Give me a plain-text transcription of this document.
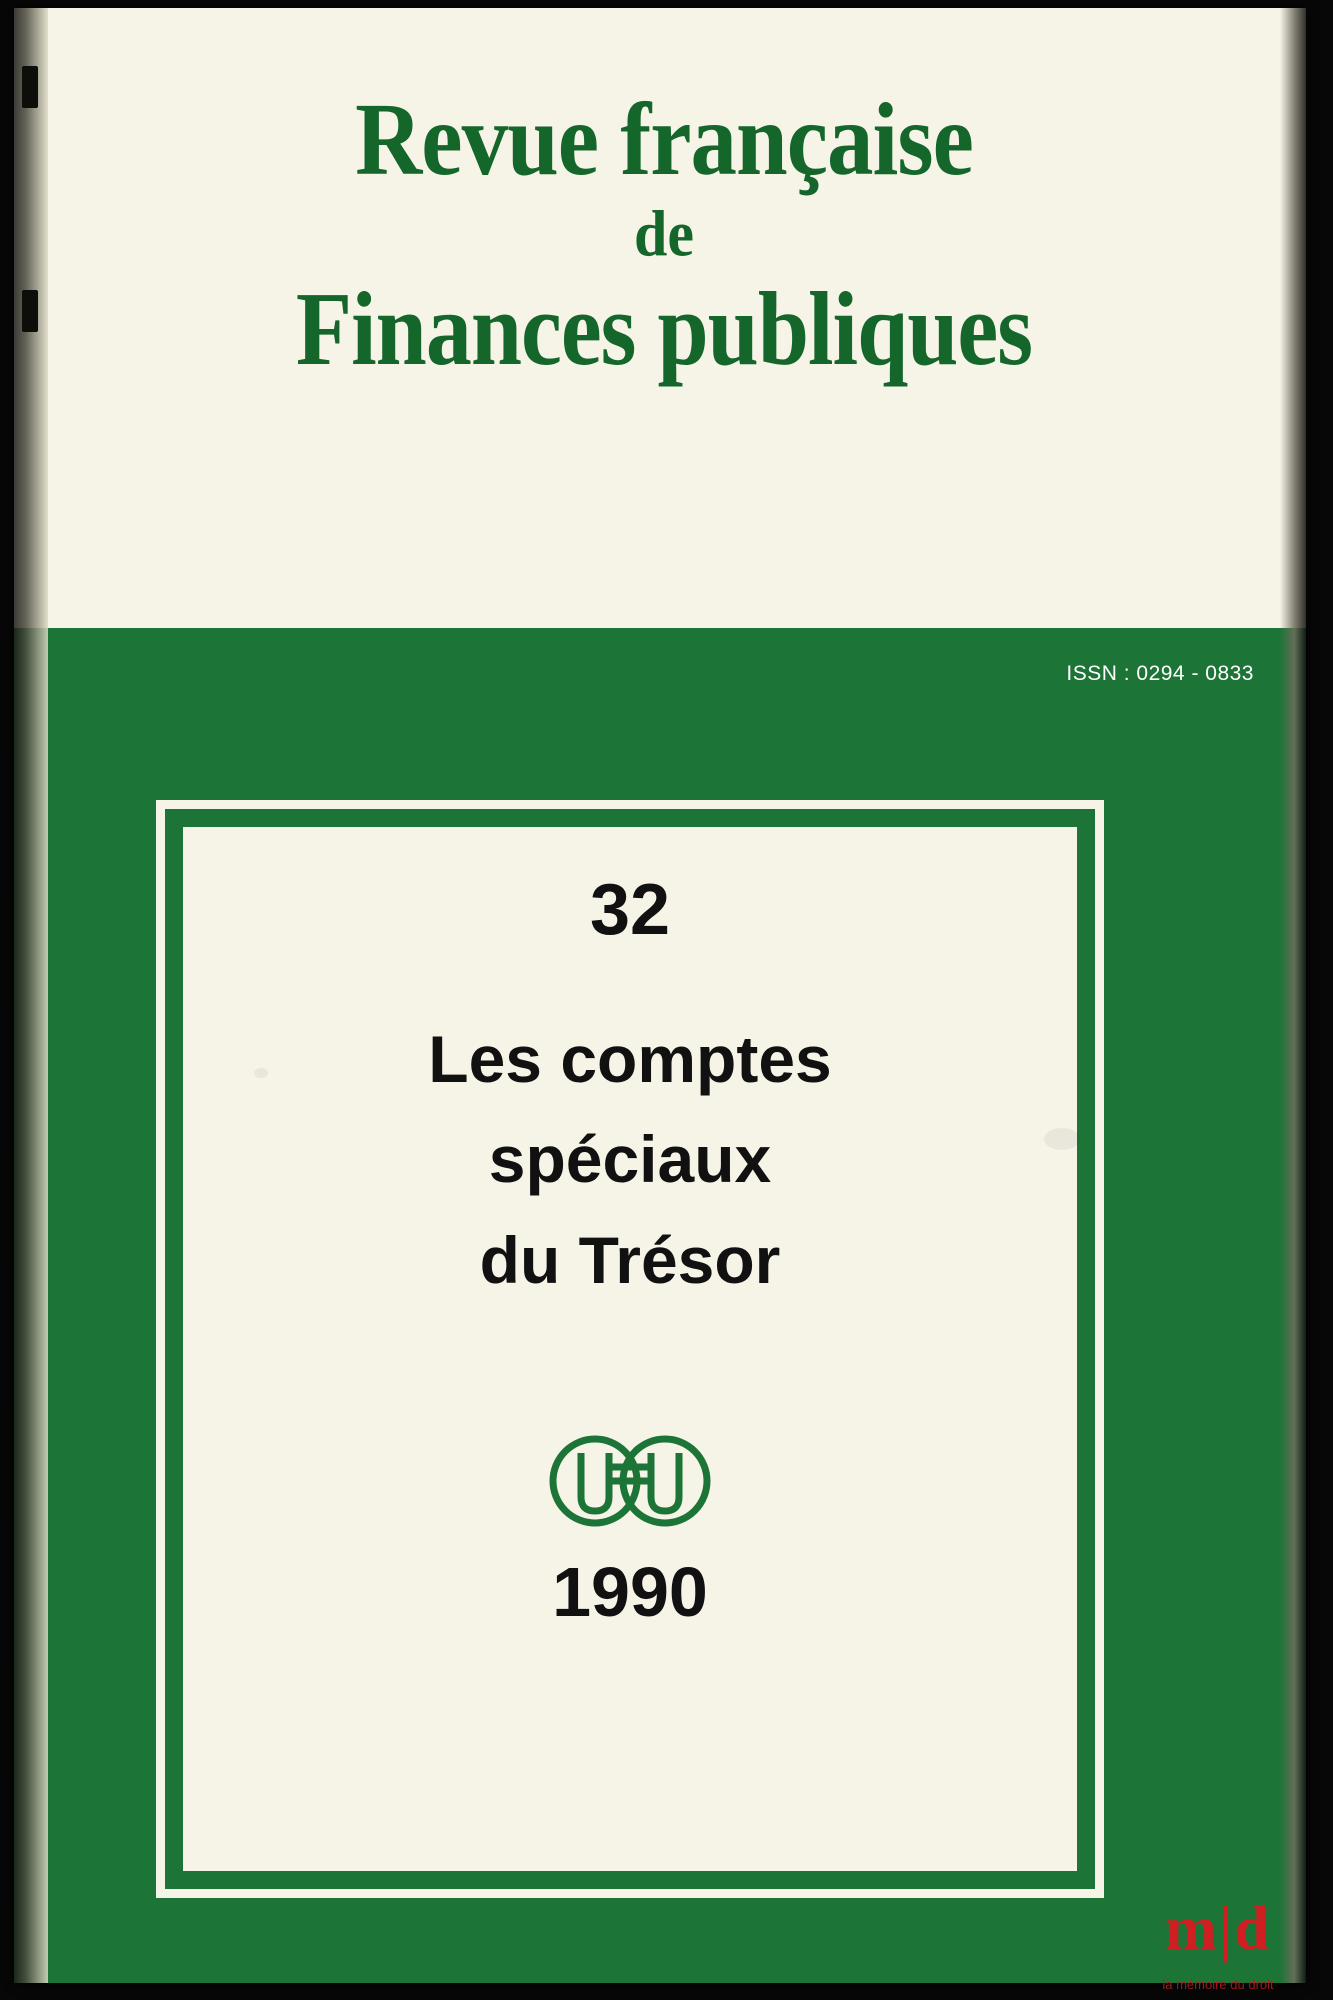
Revue française
de
Finances publiques
ISSN : 0294 - 0833
32
Les comptes
spéciaux
du Trésor
1990
m|d
la mémoire du droit
